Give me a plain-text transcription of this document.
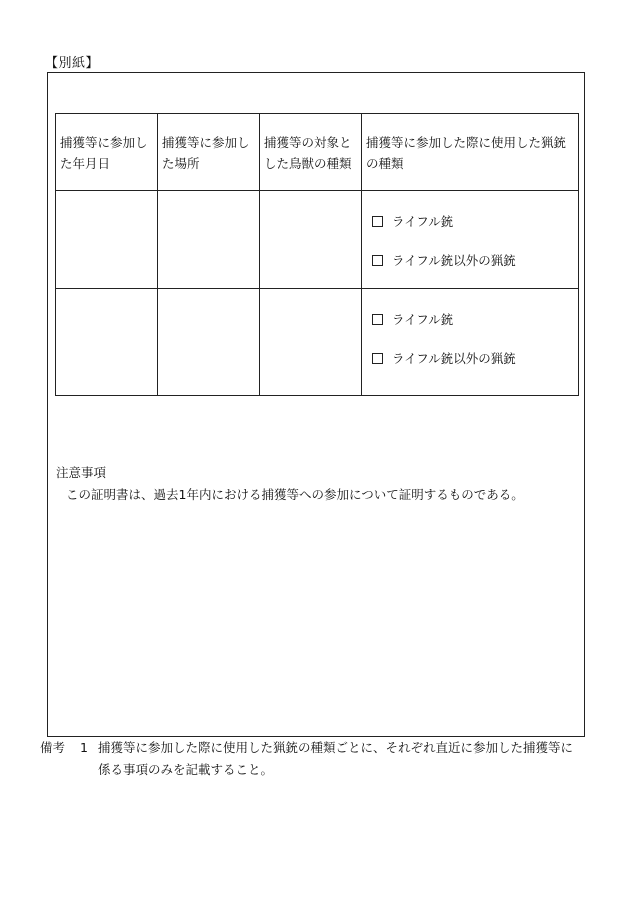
【別紙】
捕獲等に参加した年月日	捕獲等に参加した場所	捕獲等の対象とした鳥獣の種類	捕獲等に参加した際に使用した猟銃の種類

			ライフル銃
ライフル銃以外の猟銃

			ライフル銃
ライフル銃以外の猟銃
注意事項
この証明書は、過去1年内における捕獲等への参加について証明するものである。
備考 1 捕獲等に参加した際に使用した猟銃の種類ごとに、それぞれ直近に参加した捕獲等に
係る事項のみを記載すること。
